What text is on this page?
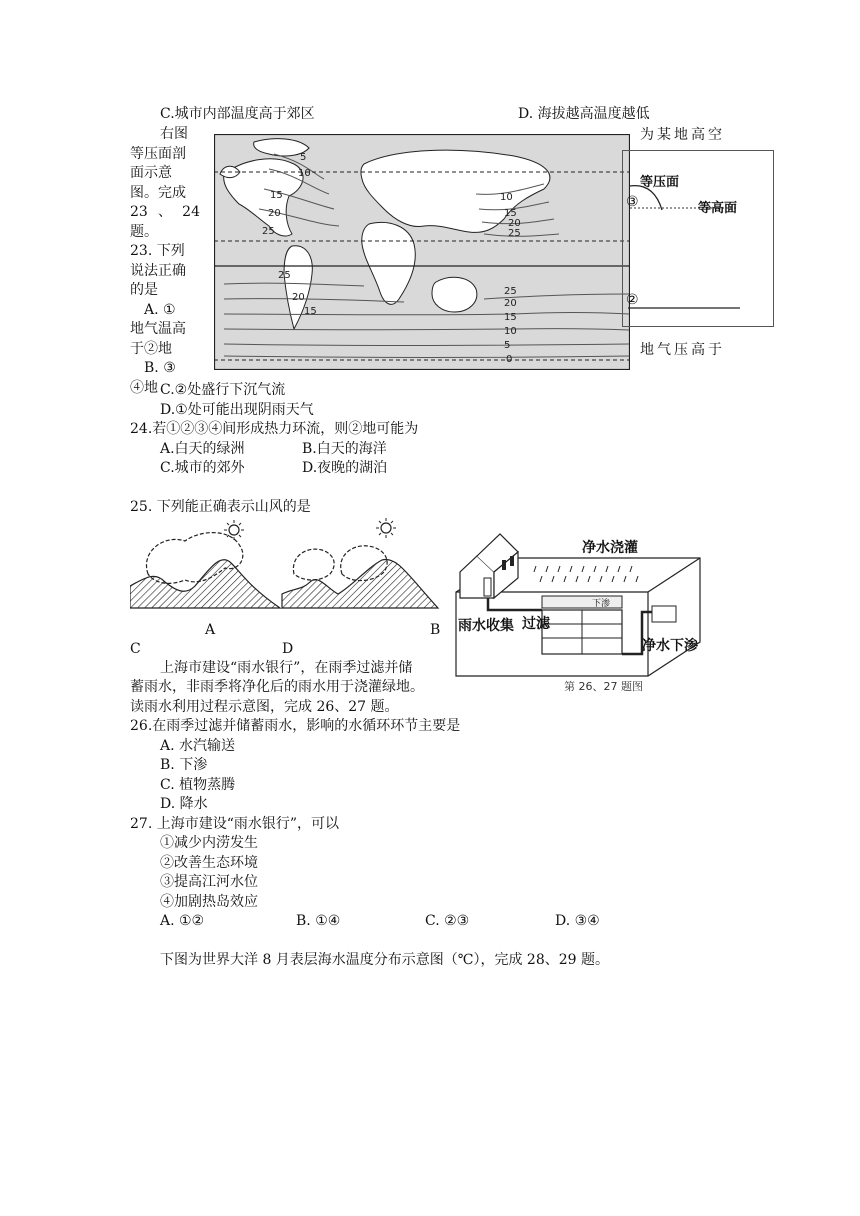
C.城市内部温度高于郊区	D. 海拔越高温度越低
右图
等压面剖
面示意
图。完成
23、24题。
23. 下列
说法正确
的是
A. ①
地气温高
于②地
B. ③
④地
为某地高空
地气压高于
5
10
15
20
25
10
15
20
25
25
20
15
25
20
15
10
5
0
等压面
等高面
③
②
C.②处盛行下沉气流
D.①处可能出现阴雨天气
24.若①②③④间形成热力环流，则②地可能为
A.白天的绿洲	B.白天的海洋
C.城市的郊外	D.夜晚的湖泊
25. 下列能正确表示山风的是
A	B
C	D
净水浇灌
雨水收集 过滤
下渗
净水下渗
第 26、27 题图
上海市建设“雨水银行”，在雨季过滤并储
蓄雨水，非雨季将净化后的雨水用于浇灌绿地。
读雨水利用过程示意图，完成 26、27 题。
26.在雨季过滤并储蓄雨水，影响的水循环环节主要是
A. 水汽输送
B. 下渗
C. 植物蒸腾
D. 降水
27. 上海市建设“雨水银行”，可以
①减少内涝发生
②改善生态环境
③提高江河水位
④加剧热岛效应
A. ①②	B. ①④	C. ②③	D. ③④
下图为世界大洋 8 月表层海水温度分布示意图（℃），完成 28、29 题。
